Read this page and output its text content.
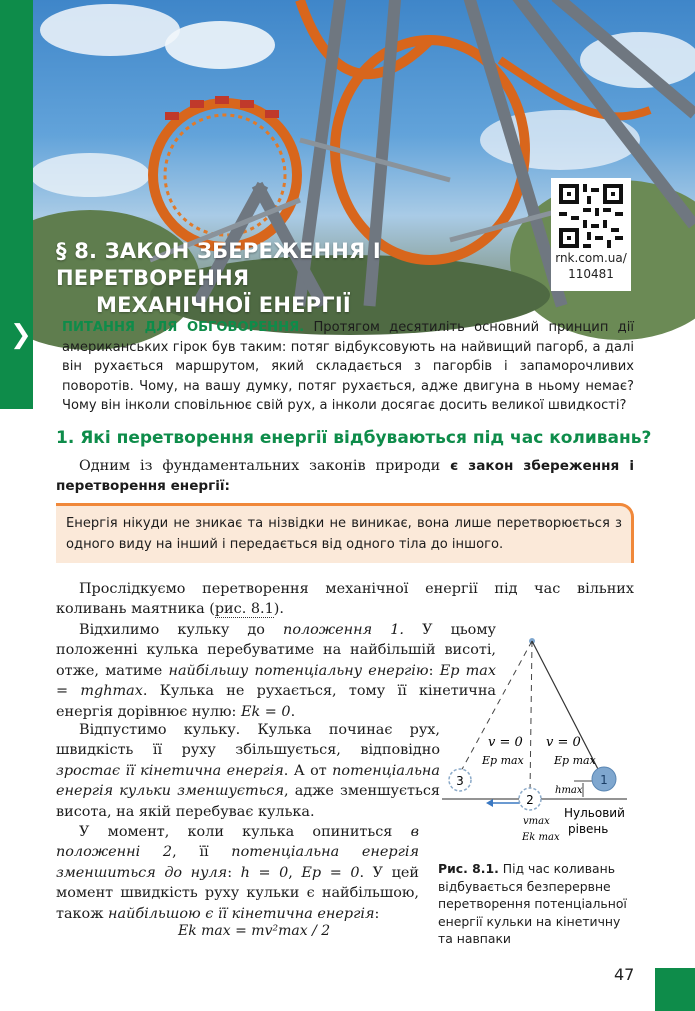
§ 8. ЗАКОН ЗБЕРЕЖЕННЯ І ПЕРЕТВОРЕННЯ
МЕХАНІЧНОЇ ЕНЕРГІЇ
rnk.com.ua/
110481
❯ ПИТАННЯ ДЛЯ ОБГОВОРЕННЯ. Протягом десятиліть основний принцип дії американських гірок був таким: потяг відбуксовують на найвищий пагорб, а далі він рухається маршрутом, який складається з пагорбів і запаморочливих поворотів. Чому, на вашу думку, потяг рухається, адже двигуна в ньому немає? Чому він інколи сповільнює свій рух, а інколи досягає досить великої швидкості?
1. Які перетворення енергії відбуваються під час коливань?
Одним із фундаментальних законів природи є закон збереження і перетворення енергії:
Енергія нікуди не зникає та нізвідки не виникає, вона лише перетворюється з одного виду на інший і передається від одного тіла до іншого.
Прослідкуємо перетворення механічної енергії під час вільних коливань маятника (рис. 8.1).
Відхилимо кульку до положення 1. У цьому положенні кулька перебуватиме на найбільшій висоті, отже, матиме найбільшу потенціальну енергію: Ep max = mghmax. Кулька не рухається, тому її кінетична енергія дорівнює нулю: Ek = 0.
Відпустимо кульку. Кулька починає рух, швидкість її руху збільшується, відповідно зростає її кінетична енергія. А от потенціальна енергія кульки зменшується, адже зменшується висота, на якій перебуває кулька.
У момент, коли кулька опиниться в положенні 2, її потенціальна енергія зменшиться до нуля: h = 0, Ep = 0. У цей момент швидкість руху кульки є найбільшою, також найбільшою є її кінетична енергія:
Ek max = mv²max / 2
3
2
1
v = 0 v = 0
Ep max	Ep max
hmax
vmax
Ek max
Нульовий
рівень
Рис. 8.1. Під час коливань відбувається безперервне перетворення потенціальної енергії кульки на кінетичну та навпаки
47
